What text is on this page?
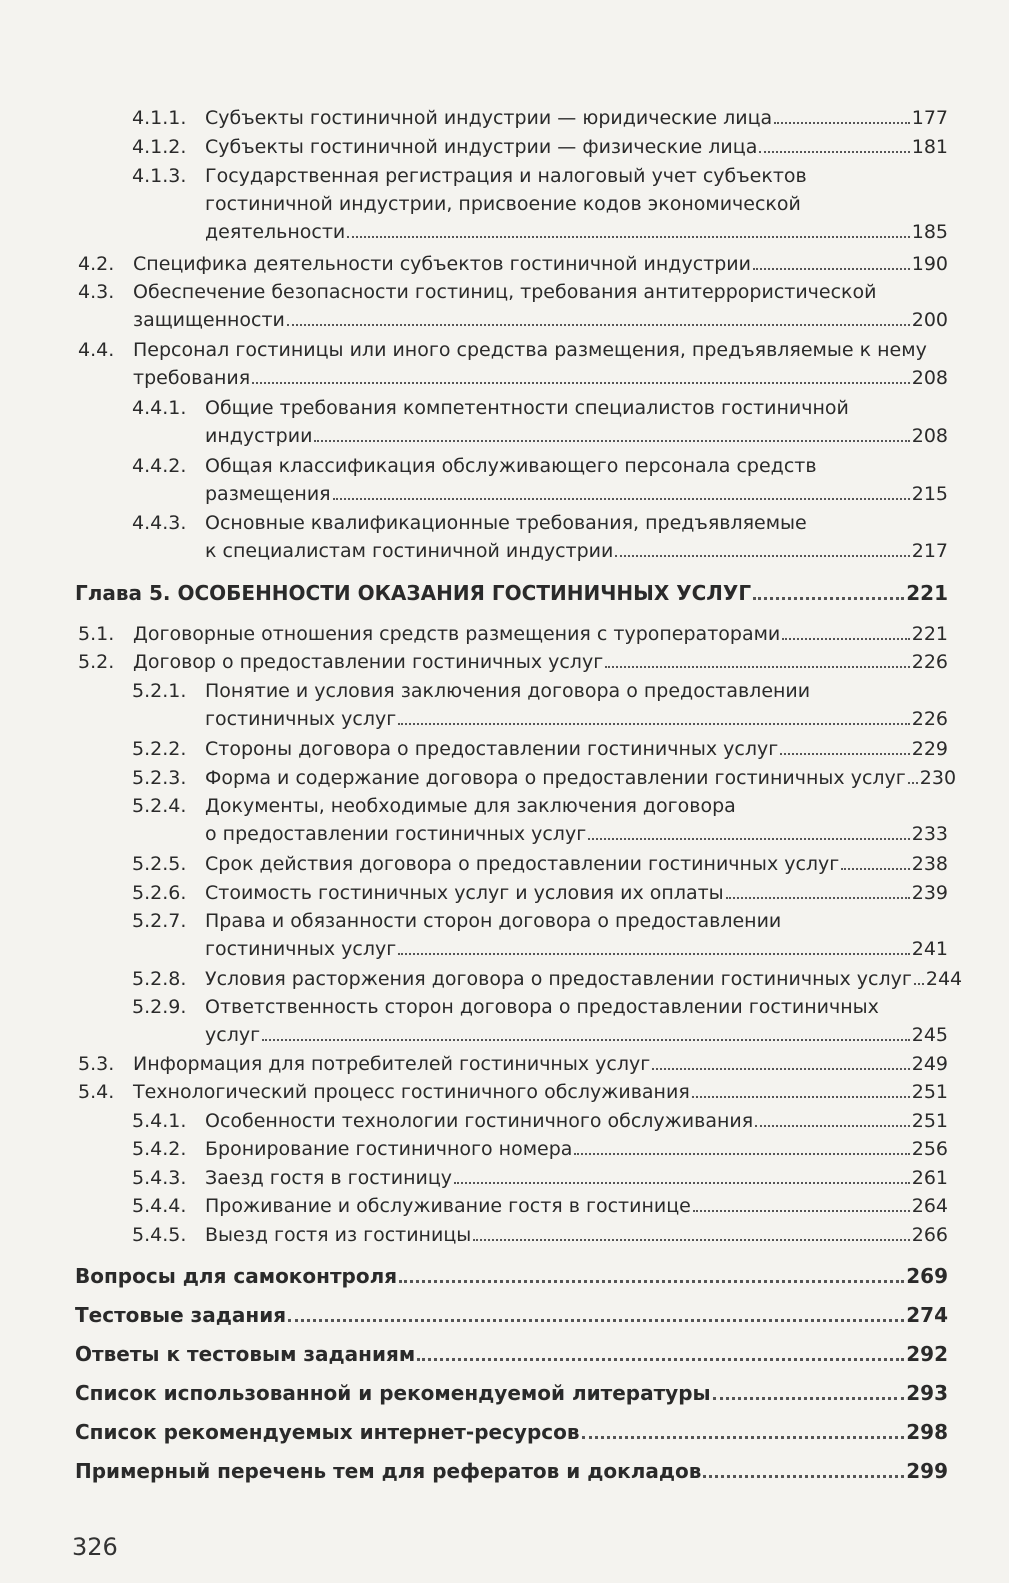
4.1.1. Субъекты гостиничной индустрии — юридические лица	177
4.1.2. Субъекты гостиничной индустрии — физические лица	181
4.1.3. Государственная регистрация и налоговый учет субъектов
гостиничной индустрии, присвоение кодов экономической
деятельности	185
4.2. Специфика деятельности субъектов гостиничной индустрии	190
4.3. Обеспечение безопасности гостиниц, требования антитеррористической
защищенности	200
4.4. Персонал гостиницы или иного средства размещения, предъявляемые к нему
требования	208
4.4.1. Общие требования компетентности специалистов гостиничной
индустрии	208
4.4.2. Общая классификация обслуживающего персонала средств
размещения	215
4.4.3. Основные квалификационные требования, предъявляемые
к специалистам гостиничной индустрии	217
Глава 5. ОСОБЕННОСТИ ОКАЗАНИЯ ГОСТИНИЧНЫХ УСЛУГ	221
5.1. Договорные отношения средств размещения с туроператорами	221
5.2. Договор о предоставлении гостиничных услуг	226
5.2.1. Понятие и условия заключения договора о предоставлении
гостиничных услуг	226
5.2.2. Стороны договора о предоставлении гостиничных услуг	229
5.2.3. Форма и содержание договора о предоставлении гостиничных услуг 230
5.2.4. Документы, необходимые для заключения договора
о предоставлении гостиничных услуг	233
5.2.5. Срок действия договора о предоставлении гостиничных услуг	238
5.2.6. Стоимость гостиничных услуг и условия их оплаты	239
5.2.7. Права и обязанности сторон договора о предоставлении
гостиничных услуг	241
5.2.8. Условия расторжения договора о предоставлении гостиничных услуг 244
5.2.9. Ответственность сторон договора о предоставлении гостиничных
услуг	245
5.3. Информация для потребителей гостиничных услуг	249
5.4. Технологический процесс гостиничного обслуживания	251
5.4.1. Особенности технологии гостиничного обслуживания	251
5.4.2. Бронирование гостиничного номера	256
5.4.3. Заезд гостя в гостиницу	261
5.4.4. Проживание и обслуживание гостя в гостинице	264
5.4.5. Выезд гостя из гостиницы	266
Вопросы для самоконтроля	269
Тестовые задания	274
Ответы к тестовым заданиям	292
Список использованной и рекомендуемой литературы	293
Список рекомендуемых интернет-ресурсов	298
Примерный перечень тем для рефератов и докладов	299
326
